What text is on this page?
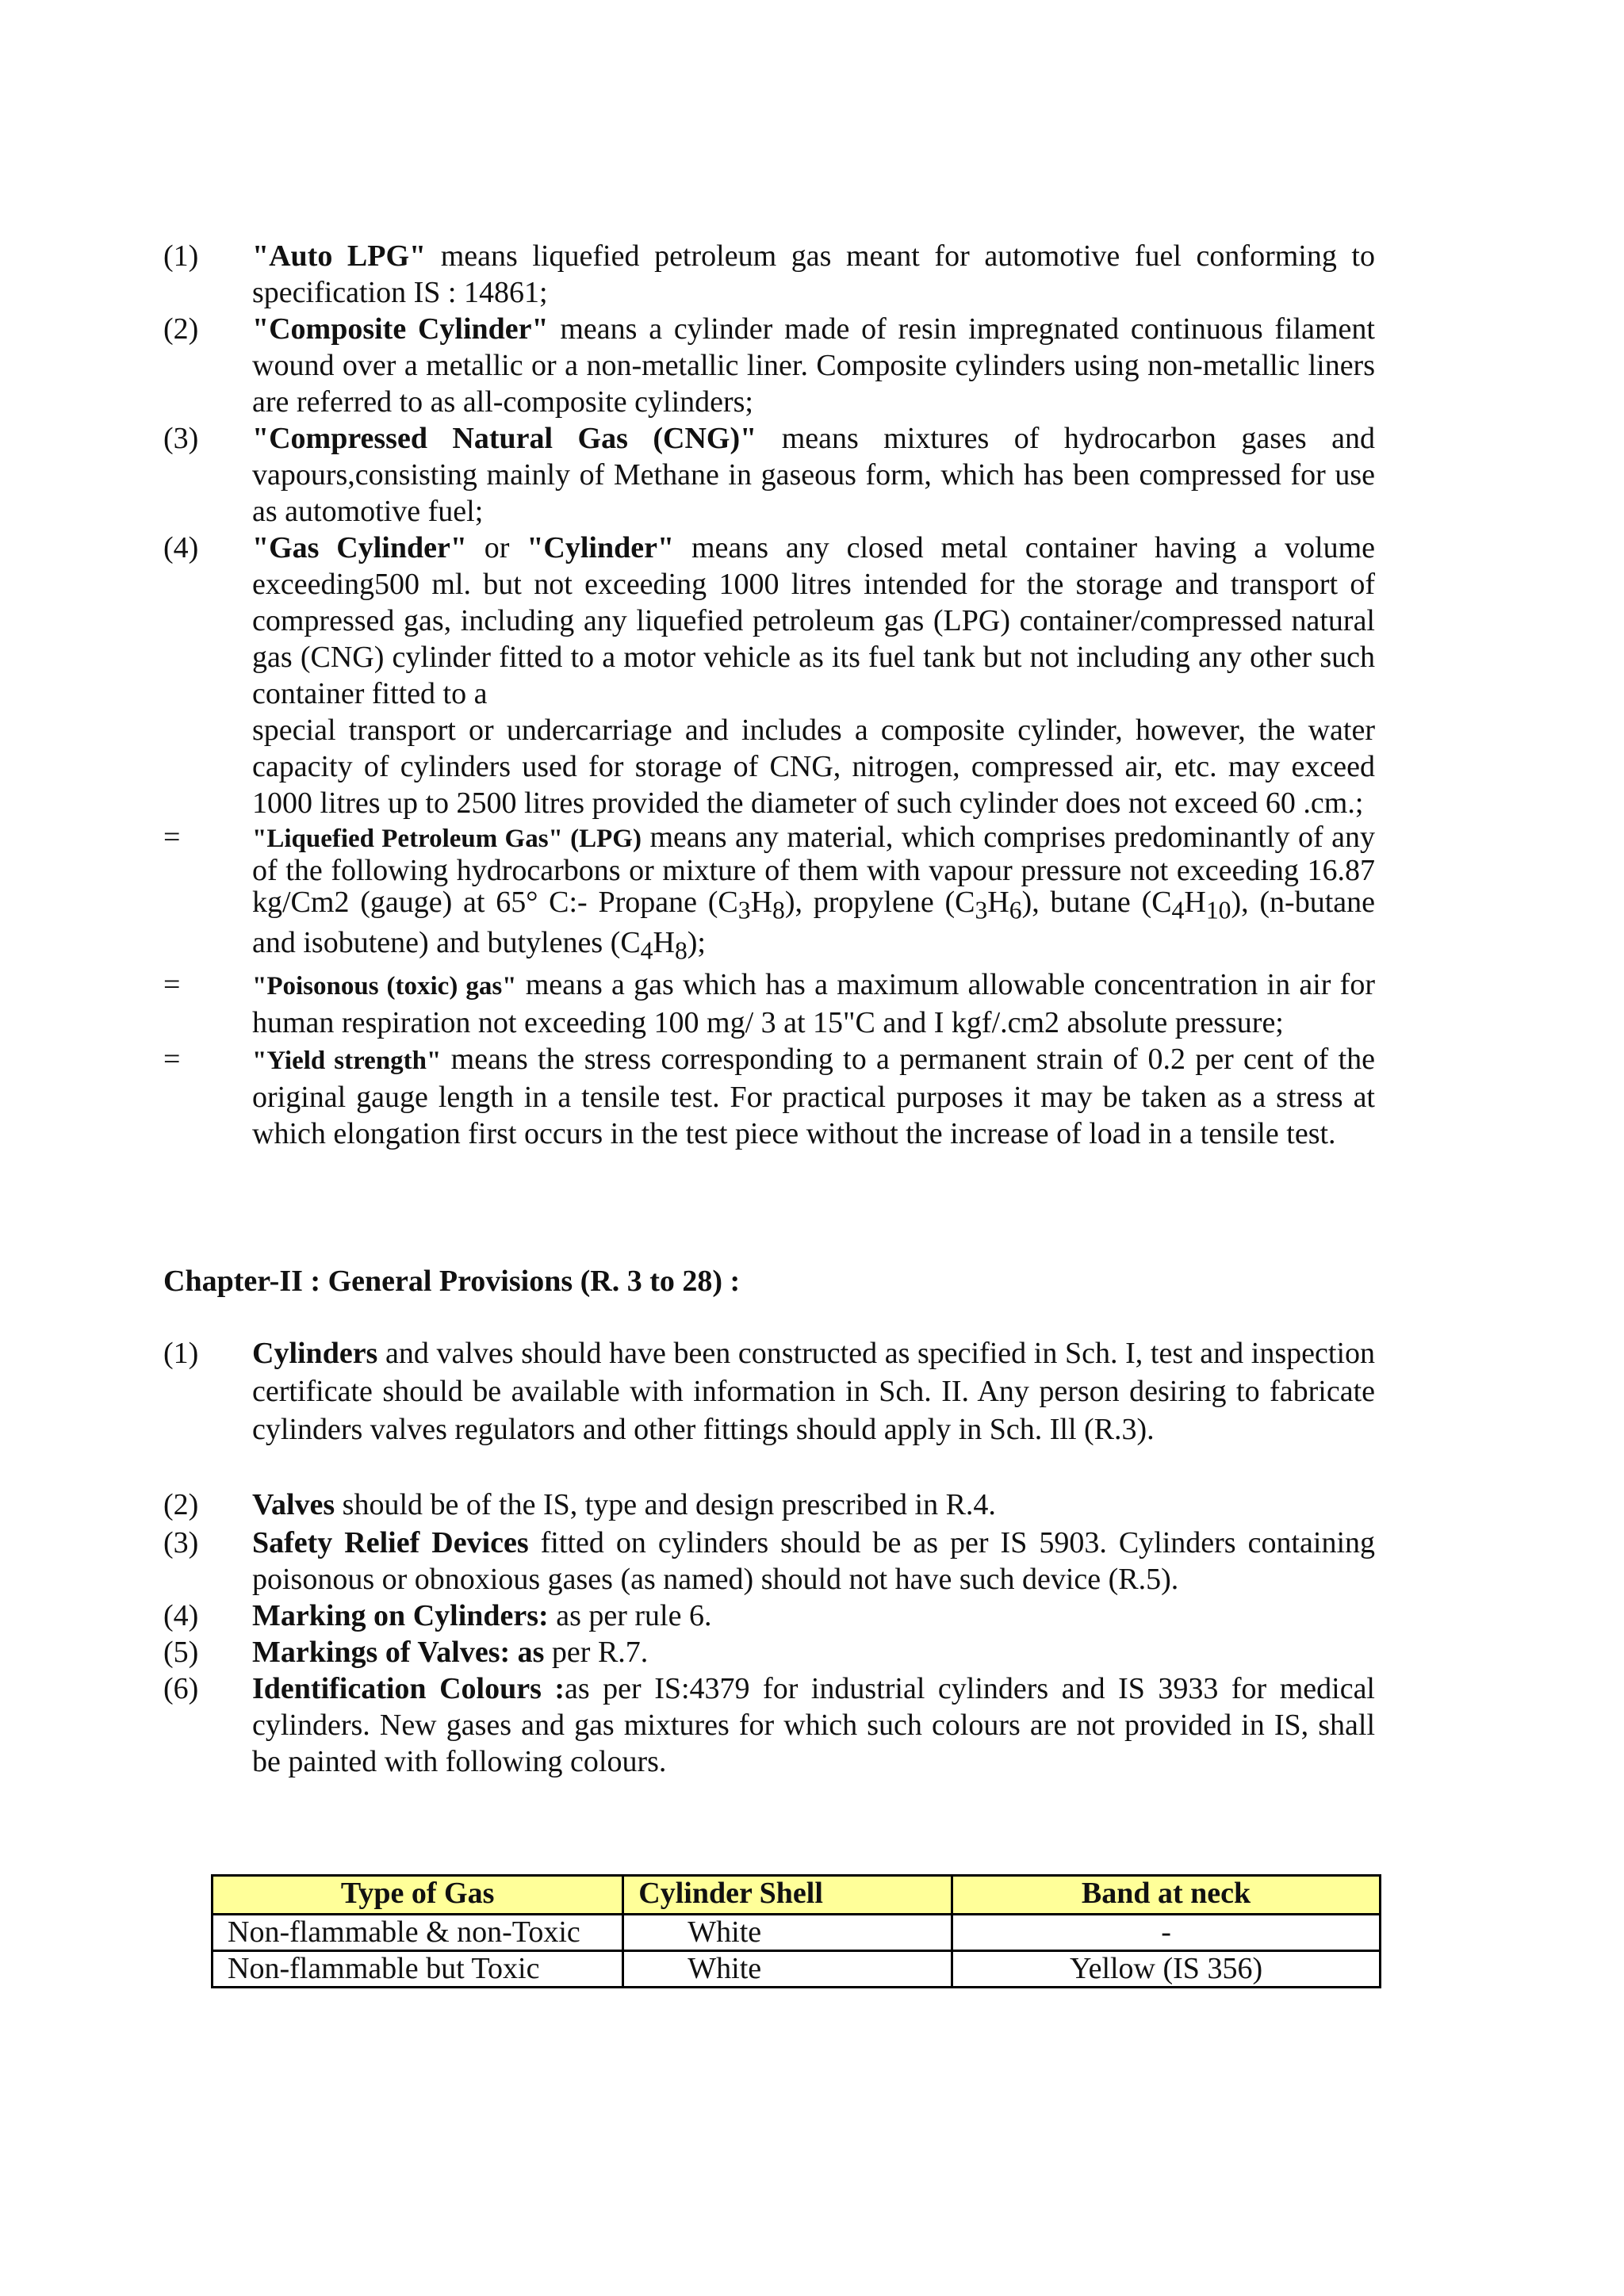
(1)	"Auto LPG" means liquefied petroleum gas meant for automotive fuel conforming to specification IS : 14861;
(2)	"Composite Cylinder" means a cylinder made of resin impregnated continuous filament wound over a metallic or a non-metallic liner. Composite cylinders using non-metallic liners are referred to as all-composite cylinders;
(3)	"Compressed Natural Gas (CNG)" means mixtures of hydrocarbon gases and vapours,consisting mainly of Methane in gaseous form, which has been compressed for use as automotive fuel;
(4)	"Gas Cylinder" or "Cylinder" means any closed metal container having a volume exceeding500 ml. but not exceeding 1000 litres intended for the storage and transport of compressed gas, including any liquefied petroleum gas (LPG) container/compressed natural gas (CNG) cylinder fitted to a motor vehicle as its fuel tank but not including any other such container fitted to a
special transport or undercarriage and includes a composite cylinder, however, the water capacity of cylinders used for storage of CNG, nitrogen, compressed air, etc. may exceed 1000 litres up to 2500 litres provided the diameter of such cylinder does not exceed 60 .cm.;
=	"Liquefied Petroleum Gas" (LPG) means any material, which comprises predominantly of any of the following hydrocarbons or mixture of them with vapour pressure not exceeding 16.87 kg/Cm2 (gauge) at 65° C:- Propane $(C_3H_8)$, propylene $(C_3H_6)$, butane $(C_4H_{10})$, (n-butane and isobutene) and butylenes $(C_4H_8)$;
=	"Poisonous (toxic) gas" means a gas which has a maximum allowable concentration in air for human respiration not exceeding 100 mg/ 3 at 15"C and I kgf/.cm2 absolute pressure;
=	"Yield strength" means the stress corresponding to a permanent strain of 0.2 per cent of the original gauge length in a tensile test. For practical purposes it may be taken as a stress at which elongation first occurs in the test piece without the increase of load in a tensile test.
Chapter-II : General Provisions (R. 3 to 28) :
(1)	Cylinders and valves should have been constructed as specified in Sch. I, test and inspection certificate should be available with information in Sch. II. Any person desiring to fabricate cylinders valves regulators and other fittings should apply in Sch. Ill (R.3).
(2)	Valves should be of the IS, type and design prescribed in R.4.
(3)	Safety Relief Devices fitted on cylinders should be as per IS 5903. Cylinders containing poisonous or obnoxious gases (as named) should not have such device (R.5).
(4)	Marking on Cylinders: as per rule 6.
(5)	Markings of Valves: as per R.7.
(6)	Identification Colours :as per IS:4379 for industrial cylinders and IS 3933 for medical cylinders. New gases and gas mixtures for which such colours are not provided in IS, shall be painted with following colours.
Type of Gas	Cylinder Shell	Band at neck
Non-flammable & non-Toxic	White	-
Non-flammable but Toxic	White	Yellow (IS 356)
